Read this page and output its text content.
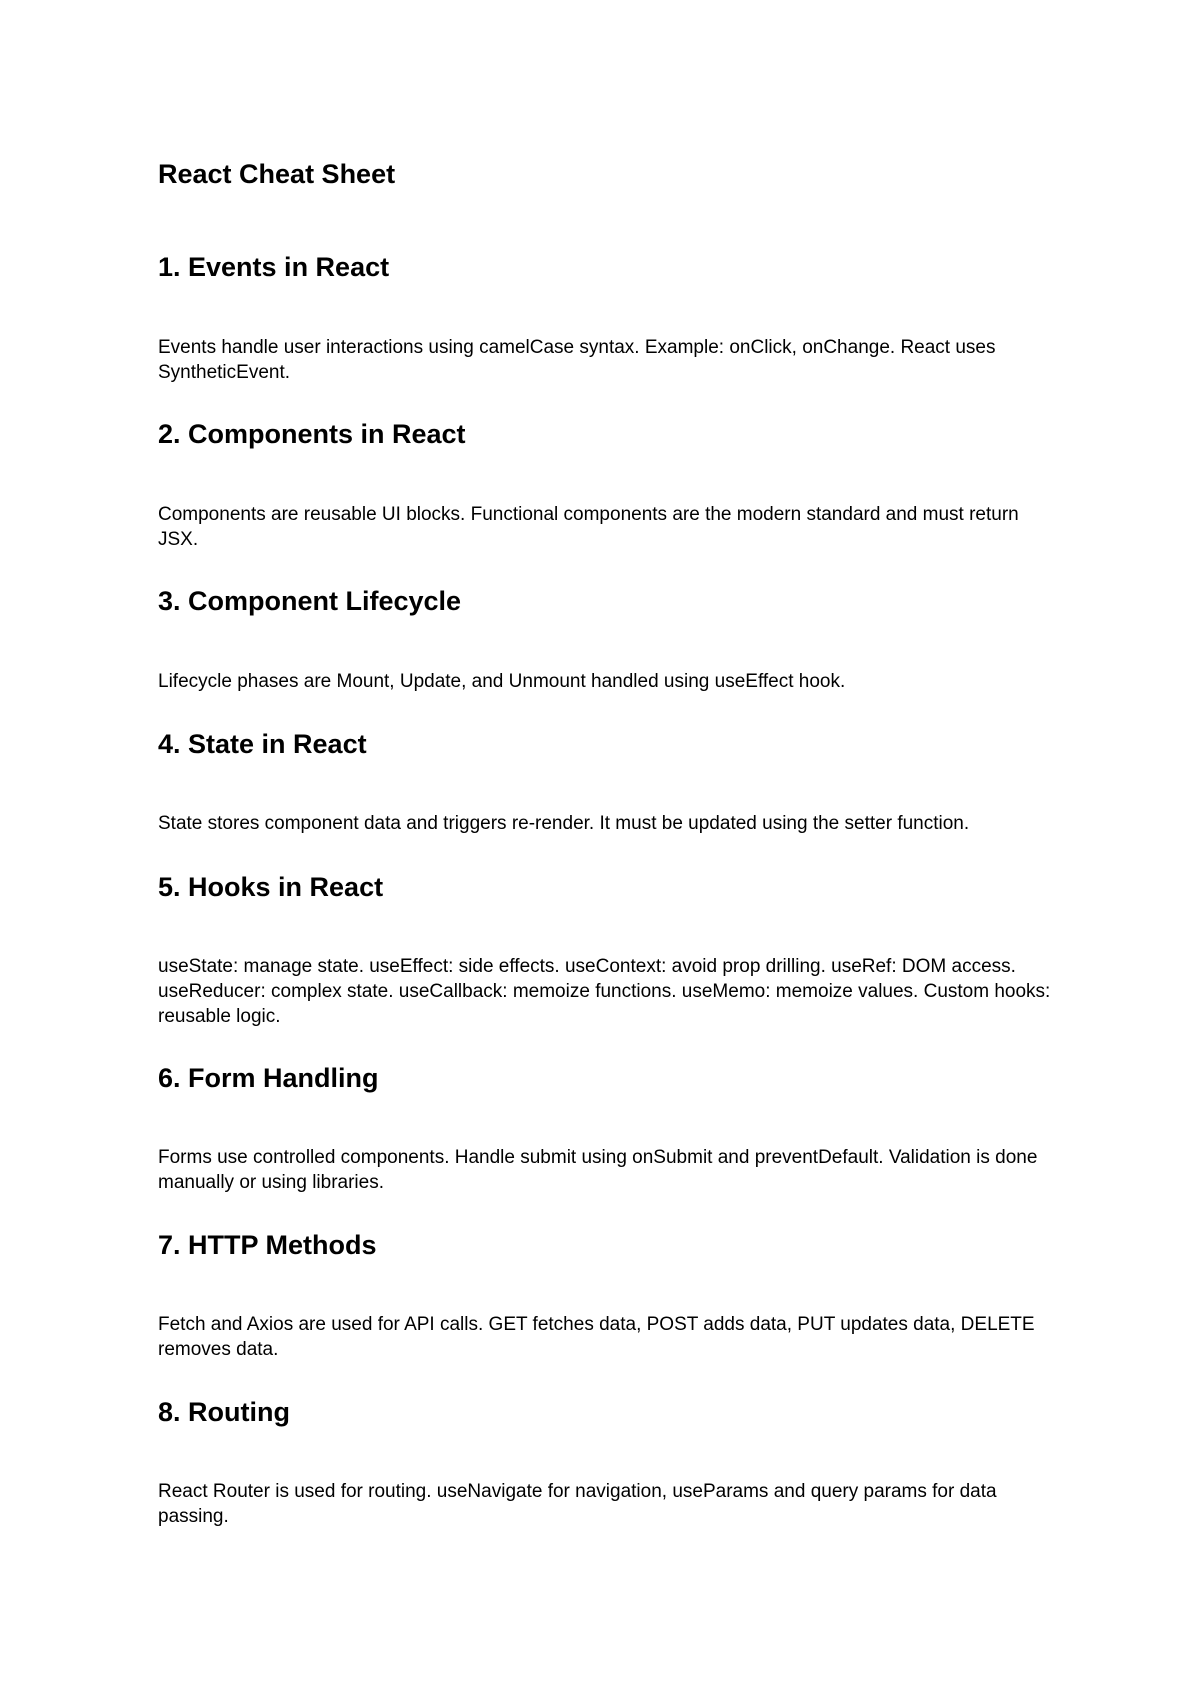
React Cheat Sheet
1. Events in React

Events handle user interactions using camelCase syntax. Example: onClick, onChange. React uses SyntheticEvent.

2. Components in React

Components are reusable UI blocks. Functional components are the modern standard and must return JSX.

3. Component Lifecycle

Lifecycle phases are Mount, Update, and Unmount handled using useEffect hook.

4. State in React

State stores component data and triggers re-render. It must be updated using the setter function.

5. Hooks in React

useState: manage state. useEffect: side effects. useContext: avoid prop drilling. useRef: DOM access. useReducer: complex state. useCallback: memoize functions. useMemo: memoize values. Custom hooks: reusable logic.

6. Form Handling

Forms use controlled components. Handle submit using onSubmit and preventDefault. Validation is done manually or using libraries.

7. HTTP Methods

Fetch and Axios are used for API calls. GET fetches data, POST adds data, PUT updates data, DELETE removes data.

8. Routing

React Router is used for routing. useNavigate for navigation, useParams and query params for data passing.
